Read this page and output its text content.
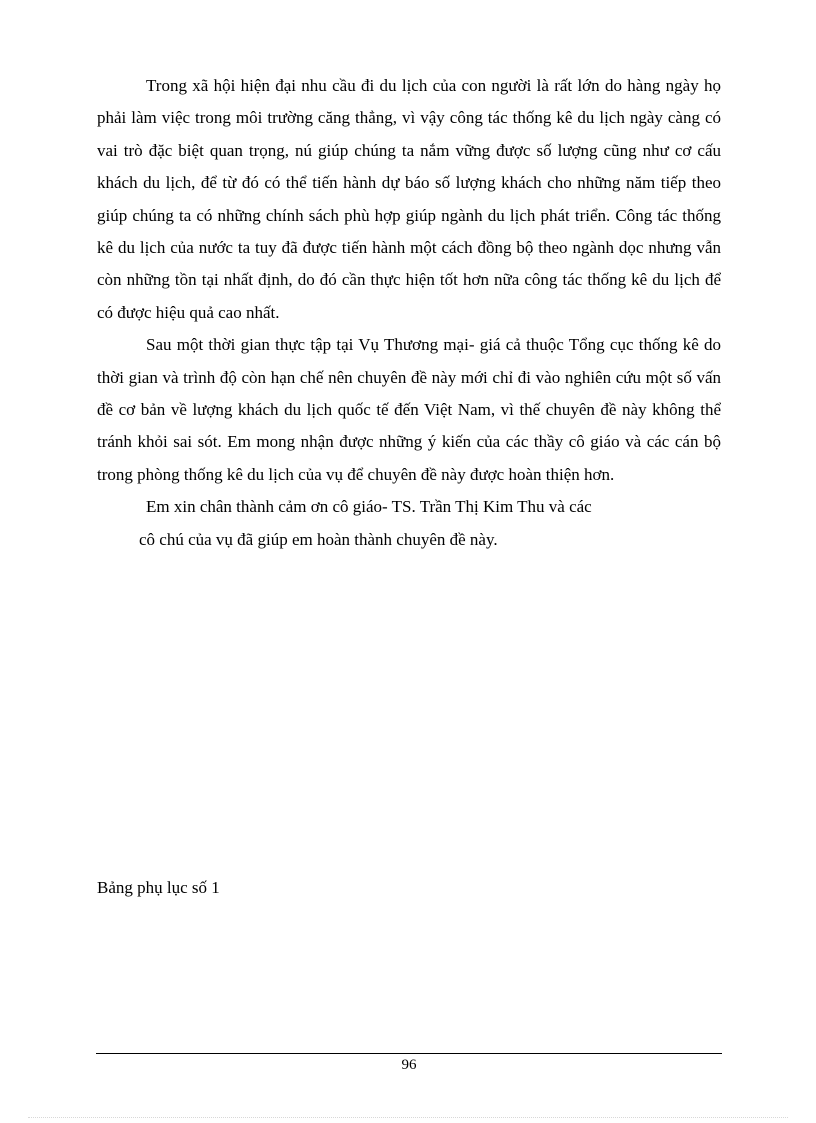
Trong xã hội hiện đại nhu cầu đi du lịch của con người là rất lớn do hàng ngày họ phải làm việc trong môi trường căng thẳng, vì vậy công tác thống kê du lịch ngày càng có vai trò đặc biệt quan trọng, nú giúp chúng ta nắm vững được số lượng cũng như cơ cấu khách du lịch, để từ đó có thể tiến hành dự báo số lượng khách cho những năm tiếp theo giúp chúng ta có những chính sách phù hợp giúp ngành du lịch phát triển. Công tác thống kê du lịch của nước ta tuy đã được tiến hành một cách đồng bộ theo ngành dọc nhưng vẫn còn những tồn tại nhất định, do đó cần thực hiện tốt hơn nữa công tác thống kê du lịch để có được hiệu quả cao nhất.

Sau một thời gian thực tập tại Vụ Thương mại- giá cả thuộc Tổng cục thống kê do thời gian và trình độ còn hạn chế nên chuyên đề này mới chỉ đi vào nghiên cứu một số vấn đề cơ bản về lượng khách du lịch quốc tế đến Việt Nam, vì thế chuyên đề này không thể tránh khỏi sai sót. Em mong nhận được những ý kiến của các thầy cô giáo và các cán bộ trong phòng thống kê du lịch của vụ để chuyên đề này được hoàn thiện hơn.

Em xin chân thành cảm ơn cô giáo- TS. Trần Thị Kim Thu và các

cô chú của vụ đã giúp em hoàn thành chuyên đề này.

Bảng phụ lục số 1

96
